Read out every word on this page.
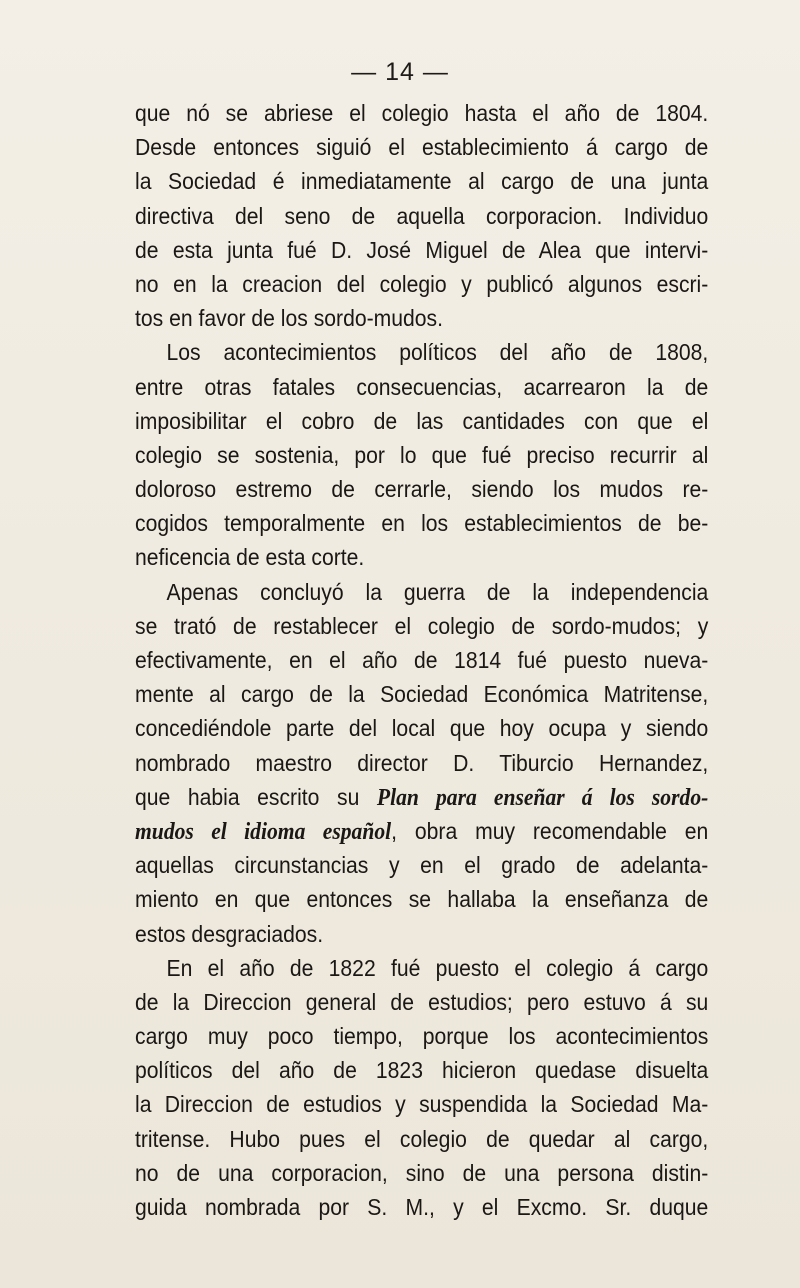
— 14 —
que nó se abriese el colegio hasta el año de 1804.
Desde entonces siguió el establecimiento á cargo de
la Sociedad é inmediatamente al cargo de una junta
directiva del seno de aquella corporacion. Individuo
de esta junta fué D. José Miguel de Alea que intervi-
no en la creacion del colegio y publicó algunos escri-
tos en favor de los sordo-mudos.
Los acontecimientos políticos del año de 1808,
entre otras fatales consecuencias, acarrearon la de
imposibilitar el cobro de las cantidades con que el
colegio se sostenia, por lo que fué preciso recurrir al
doloroso estremo de cerrarle, siendo los mudos re-
cogidos temporalmente en los establecimientos de be-
neficencia de esta corte.
Apenas concluyó la guerra de la independencia
se trató de restablecer el colegio de sordo-mudos; y
efectivamente, en el año de 1814 fué puesto nueva-
mente al cargo de la Sociedad Económica Matritense,
concediéndole parte del local que hoy ocupa y siendo
nombrado maestro director D. Tiburcio Hernandez,
que habia escrito su Plan para enseñar á los sordo-
mudos el idioma español, obra muy recomendable en
aquellas circunstancias y en el grado de adelanta-
miento en que entonces se hallaba la enseñanza de
estos desgraciados.
En el año de 1822 fué puesto el colegio á cargo
de la Direccion general de estudios; pero estuvo á su
cargo muy poco tiempo, porque los acontecimientos
políticos del año de 1823 hicieron quedase disuelta
la Direccion de estudios y suspendida la Sociedad Ma-
tritense. Hubo pues el colegio de quedar al cargo,
no de una corporacion, sino de una persona distin-
guida nombrada por S. M., y el Excmo. Sr. duque
